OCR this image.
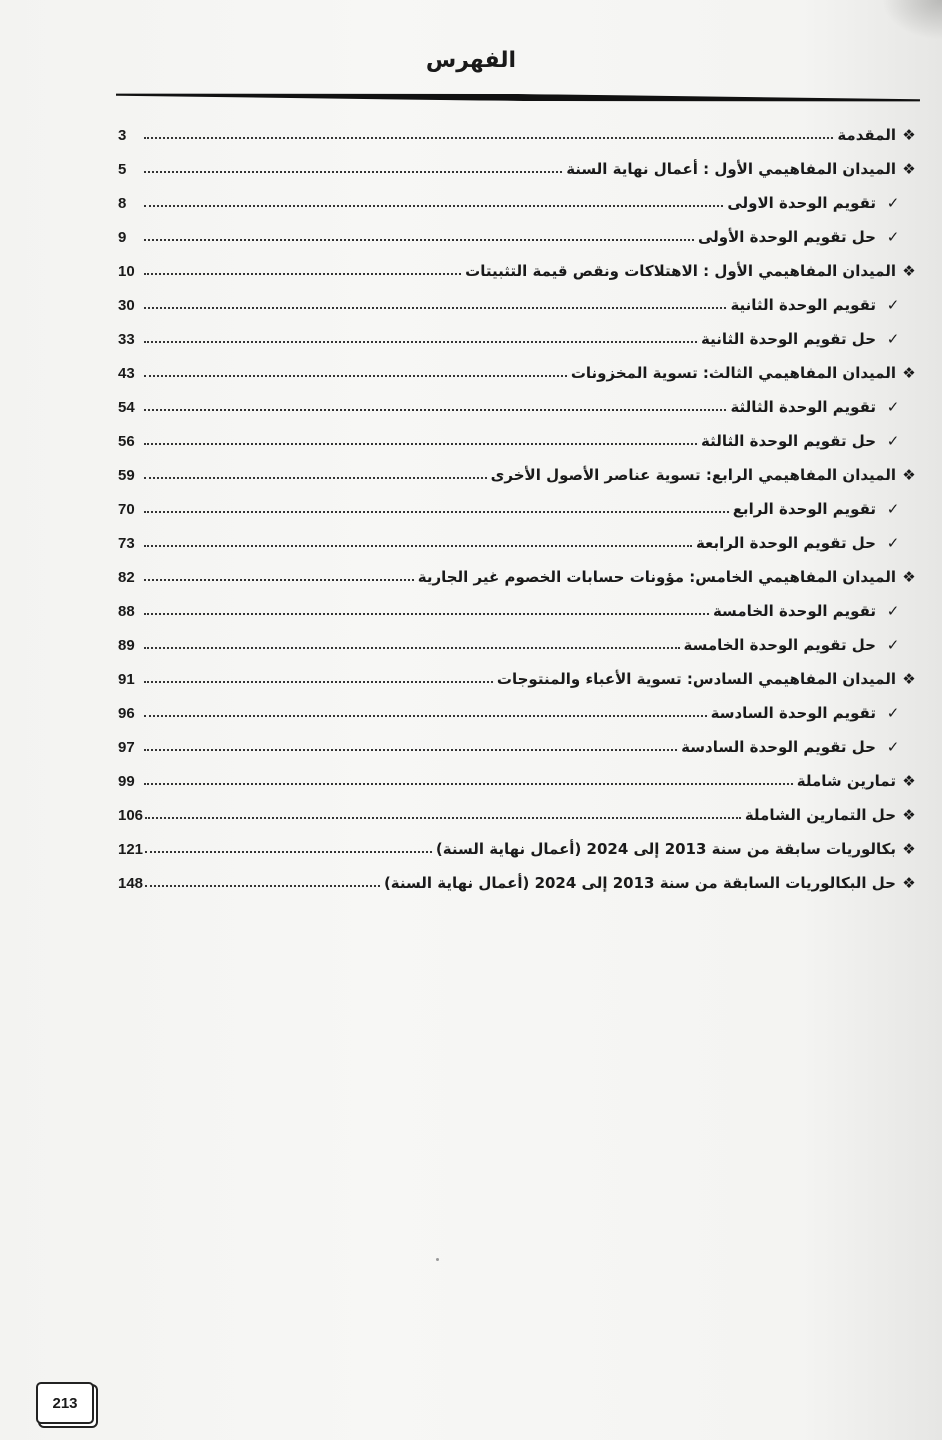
الفهرس
❖
المقدمة
3
❖
الميدان المفاهيمي الأول : أعمال نهاية السنة
5
✓
تقويم الوحدة الاولى
8
✓
حل تقويم الوحدة الأولى
9
❖
الميدان المفاهيمي الأول : الاهتلاكات ونقص قيمة التثبيتات
10
✓
تقويم الوحدة الثانية
30
✓
حل تقويم الوحدة الثانية
33
❖
الميدان المفاهيمي الثالث: تسوية المخزونات
43
✓
تقويم الوحدة الثالثة
54
✓
حل تقويم الوحدة الثالثة
56
❖
الميدان المفاهيمي الرابع: تسوية عناصر الأصول الأخرى
59
✓
تقويم الوحدة الرابع
70
✓
حل تقويم الوحدة الرابعة
73
❖
الميدان المفاهيمي الخامس: مؤونات حسابات الخصوم غير الجارية
82
✓
تقويم الوحدة الخامسة
88
✓
حل تقويم الوحدة الخامسة
89
❖
الميدان المفاهيمي السادس: تسوية الأعباء والمنتوجات
91
✓
تقويم الوحدة السادسة
96
✓
حل تقويم الوحدة السادسة
97
❖
تمارين شاملة
99
❖
حل التمارين الشاملة
106
❖
بكالوريات سابقة من سنة 2013 إلى 2024 (أعمال نهاية السنة)
121
❖
حل البكالوريات السابقة من سنة 2013 إلى 2024 (أعمال نهاية السنة)
148
213
